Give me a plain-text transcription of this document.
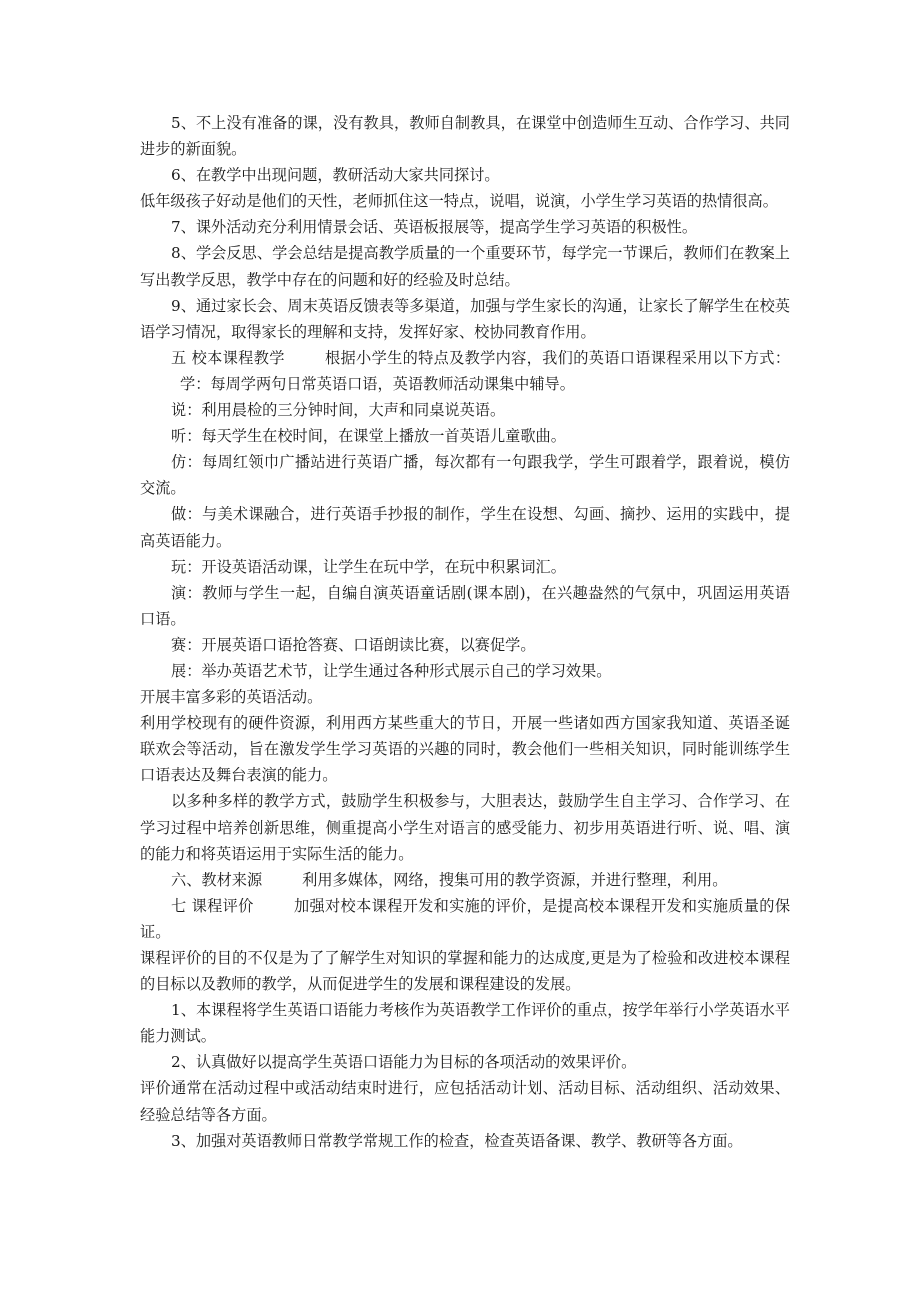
5、不上没有准备的课，没有教具，教师自制教具，在课堂中创造师生互动、合作学习、共同进步的新面貌。

6、在教学中出现问题，教研活动大家共同探讨。

低年级孩子好动是他们的天性，老师抓住这一特点，说唱，说演，小学生学习英语的热情很高。

7、课外活动充分利用情景会话、英语板报展等，提高学生学习英语的积极性。

8、学会反思、学会总结是提高教学质量的一个重要环节，每学完一节课后，教师们在教案上写出教学反思，教学中存在的问题和好的经验及时总结。

9、通过家长会、周末英语反馈表等多渠道，加强与学生家长的沟通，让家长了解学生在校英语学习情况，取得家长的理解和支持，发挥好家、校协同教育作用。

五 校本课程教学	根据小学生的特点及教学内容，我们的英语口语课程采用以下方式：学：每周学两句日常英语口语，英语教师活动课集中辅导。

说：利用晨检的三分钟时间，大声和同桌说英语。

听：每天学生在校时间，在课堂上播放一首英语儿童歌曲。

仿：每周红领巾广播站进行英语广播，每次都有一句跟我学，学生可跟着学，跟着说，模仿交流。

做：与美术课融合，进行英语手抄报的制作，学生在设想、勾画、摘抄、运用的实践中，提高英语能力。

玩：开设英语活动课，让学生在玩中学，在玩中积累词汇。

演：教师与学生一起，自编自演英语童话剧(课本剧)，在兴趣盎然的气氛中，巩固运用英语口语。

赛：开展英语口语抢答赛、口语朗读比赛，以赛促学。

展：举办英语艺术节，让学生通过各种形式展示自己的学习效果。

开展丰富多彩的英语活动。

利用学校现有的硬件资源，利用西方某些重大的节日，开展一些诸如西方国家我知道、英语圣诞联欢会等活动，旨在激发学生学习英语的兴趣的同时，教会他们一些相关知识，同时能训练学生口语表达及舞台表演的能力。

以多种多样的教学方式，鼓励学生积极参与，大胆表达，鼓励学生自主学习、合作学习、在学习过程中培养创新思维，侧重提高小学生对语言的感受能力、初步用英语进行听、说、唱、演的能力和将英语运用于实际生活的能力。

六、教材来源	利用多媒体，网络，搜集可用的教学资源，并进行整理，利用。

七 课程评价	加强对校本课程开发和实施的评价，是提高校本课程开发和实施质量的保证。

课程评价的目的不仅是为了了解学生对知识的掌握和能力的达成度,更是为了检验和改进校本课程的目标以及教师的教学，从而促进学生的发展和课程建设的发展。

1、本课程将学生英语口语能力考核作为英语教学工作评价的重点，按学年举行小学英语水平能力测试。

2、认真做好以提高学生英语口语能力为目标的各项活动的效果评价。

评价通常在活动过程中或活动结束时进行，应包括活动计划、活动目标、活动组织、活动效果、经验总结等各方面。

3、加强对英语教师日常教学常规工作的检查，检查英语备课、教学、教研等各方面。
